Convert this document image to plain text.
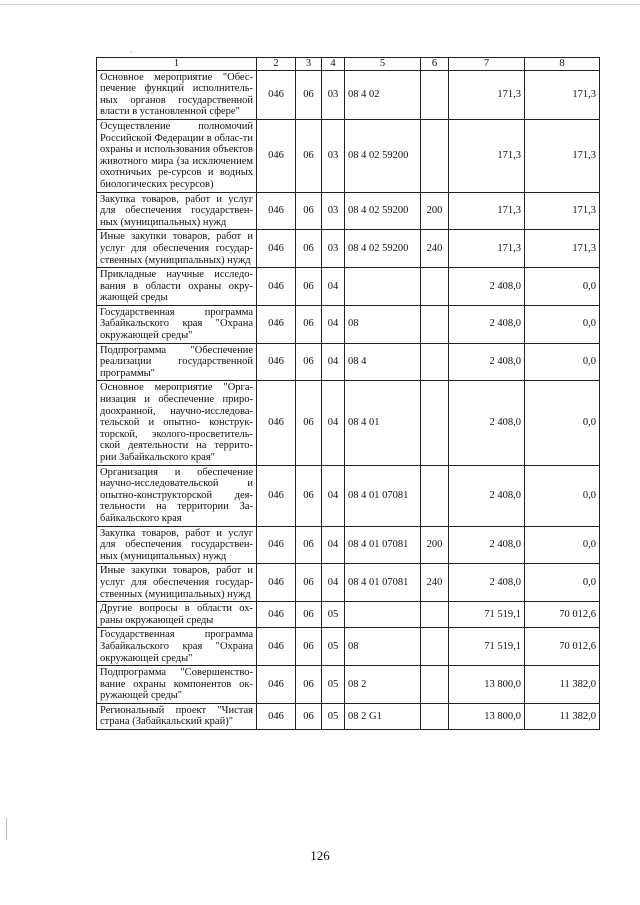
·
1	2	3	4	5	6	7	8
Основное мероприятие "Обес-печение функций исполнитель-ных органов государственной власти в установленной сфере"	046	06	03	08 4 02		171,3	171,3
Осуществление полномочий Российской Федерации в облас-ти охраны и использования объектов животного мира (за исключением охотничьих ре-сурсов и водных биологических ресурсов)	046	06	03	08 4 02 59200		171,3	171,3
Закупка товаров, работ и услуг для обеспечения государствен-ных (муниципальных) нужд	046	06	03	08 4 02 59200	200	171,3	171,3
Иные закупки товаров, работ и услуг для обеспечения государ-ственных (муниципальных) нужд	046	06	03	08 4 02 59200	240	171,3	171,3
Прикладные научные исследо-вания в области охраны окру-жающей среды	046	06	04			2 408,0	0,0
Государственная программа Забайкальского края "Охрана окружающей среды"	046	06	04	08		2 408,0	0,0
Подпрограмма "Обеспечение реализации государственной программы"	046	06	04	08 4		2 408,0	0,0
Основное мероприятие "Орга-низация и обеспечение приро-доохранной, научно-исследова-тельской и опытно- конструк-торской, эколого-просветитель-ской деятельности на террито-рии Забайкальского края"	046	06	04	08 4 01		2 408,0	0,0
Организация и обеспечение научно-исследовательской и опытно-конструкторской дея-тельности на территории За-байкальского края	046	06	04	08 4 01 07081		2 408,0	0,0
Закупка товаров, работ и услуг для обеспечения государствен-ных (муниципальных) нужд	046	06	04	08 4 01 07081	200	2 408,0	0,0
Иные закупки товаров, работ и услуг для обеспечения государ-ственных (муниципальных) нужд	046	06	04	08 4 01 07081	240	2 408,0	0,0
Другие вопросы в области ох-раны окружающей среды	046	06	05			71 519,1	70 012,6
Государственная программа Забайкальского края "Охрана окружающей среды"	046	06	05	08		71 519,1	70 012,6
Подпрограмма "Совершенство-вание охраны компонентов ок-ружающей среды"	046	06	05	08 2		13 800,0	11 382,0
Региональный проект "Чистая страна (Забайкальский край)"	046	06	05	08 2 G1		13 800,0	11 382,0
126
